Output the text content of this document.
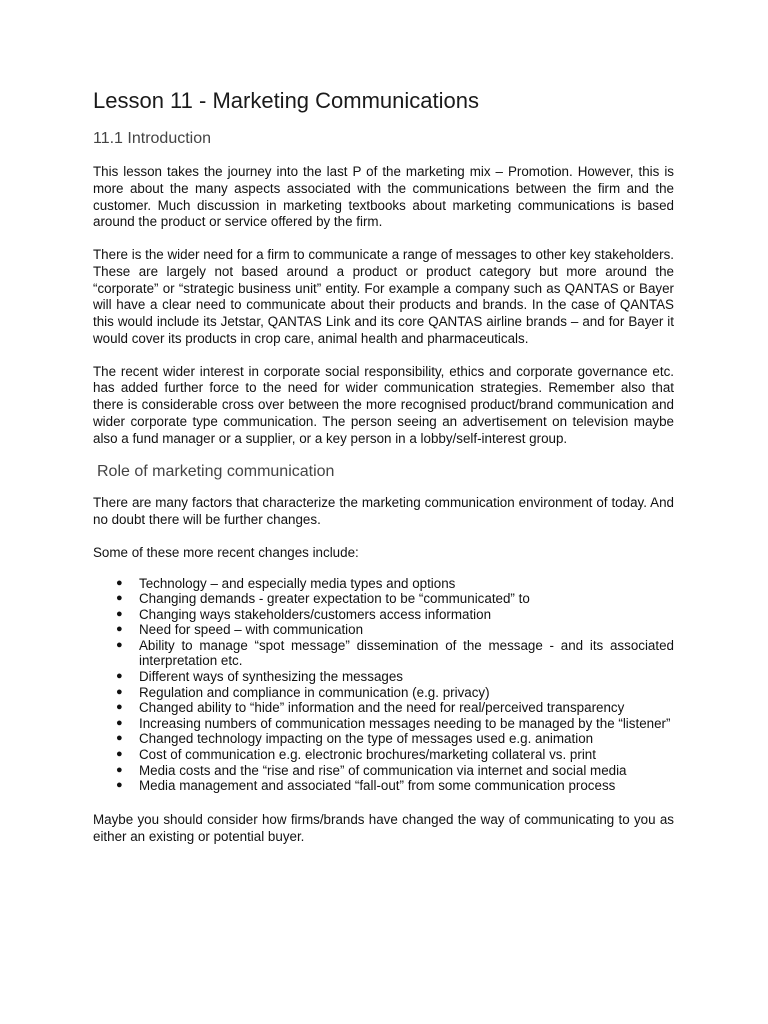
Lesson 11 - Marketing Communications
11.1 Introduction

This lesson takes the journey into the last P of the marketing mix – Promotion. However, this is more about the many aspects associated with the communications between the firm and the customer. Much discussion in marketing textbooks about marketing communications is based around the product or service offered by the firm.

There is the wider need for a firm to communicate a range of messages to other key stakeholders. These are largely not based around a product or product category but more around the “corporate” or “strategic business unit” entity. For example a company such as QANTAS or Bayer will have a clear need to communicate about their products and brands. In the case of QANTAS this would include its Jetstar, QANTAS Link and its core QANTAS airline brands – and for Bayer it would cover its products in crop care, animal health and pharmaceuticals.

The recent wider interest in corporate social responsibility, ethics and corporate governance etc. has added further force to the need for wider communication strategies. Remember also that there is considerable cross over between the more recognised product/brand communication and wider corporate type communication. The person seeing an advertisement on television maybe also a fund manager or a supplier, or a key person in a lobby/self-interest group.

Role of marketing communication

There are many factors that characterize the marketing communication environment of today. And no doubt there will be further changes.

Some of these more recent changes include:

● Technology – and especially media types and options
● Changing demands - greater expectation to be “communicated” to
● Changing ways stakeholders/customers access information
● Need for speed – with communication
● Ability to manage “spot message” dissemination of the message - and its associated interpretation etc.
● Different ways of synthesizing the messages
● Regulation and compliance in communication (e.g. privacy)
● Changed ability to “hide” information and the need for real/perceived transparency
● Increasing numbers of communication messages needing to be managed by the “listener”
● Changed technology impacting on the type of messages used e.g. animation
● Cost of communication e.g. electronic brochures/marketing collateral vs. print
● Media costs and the “rise and rise” of communication via internet and social media
● Media management and associated “fall-out” from some communication process

Maybe you should consider how firms/brands have changed the way of communicating to you as either an existing or potential buyer.
